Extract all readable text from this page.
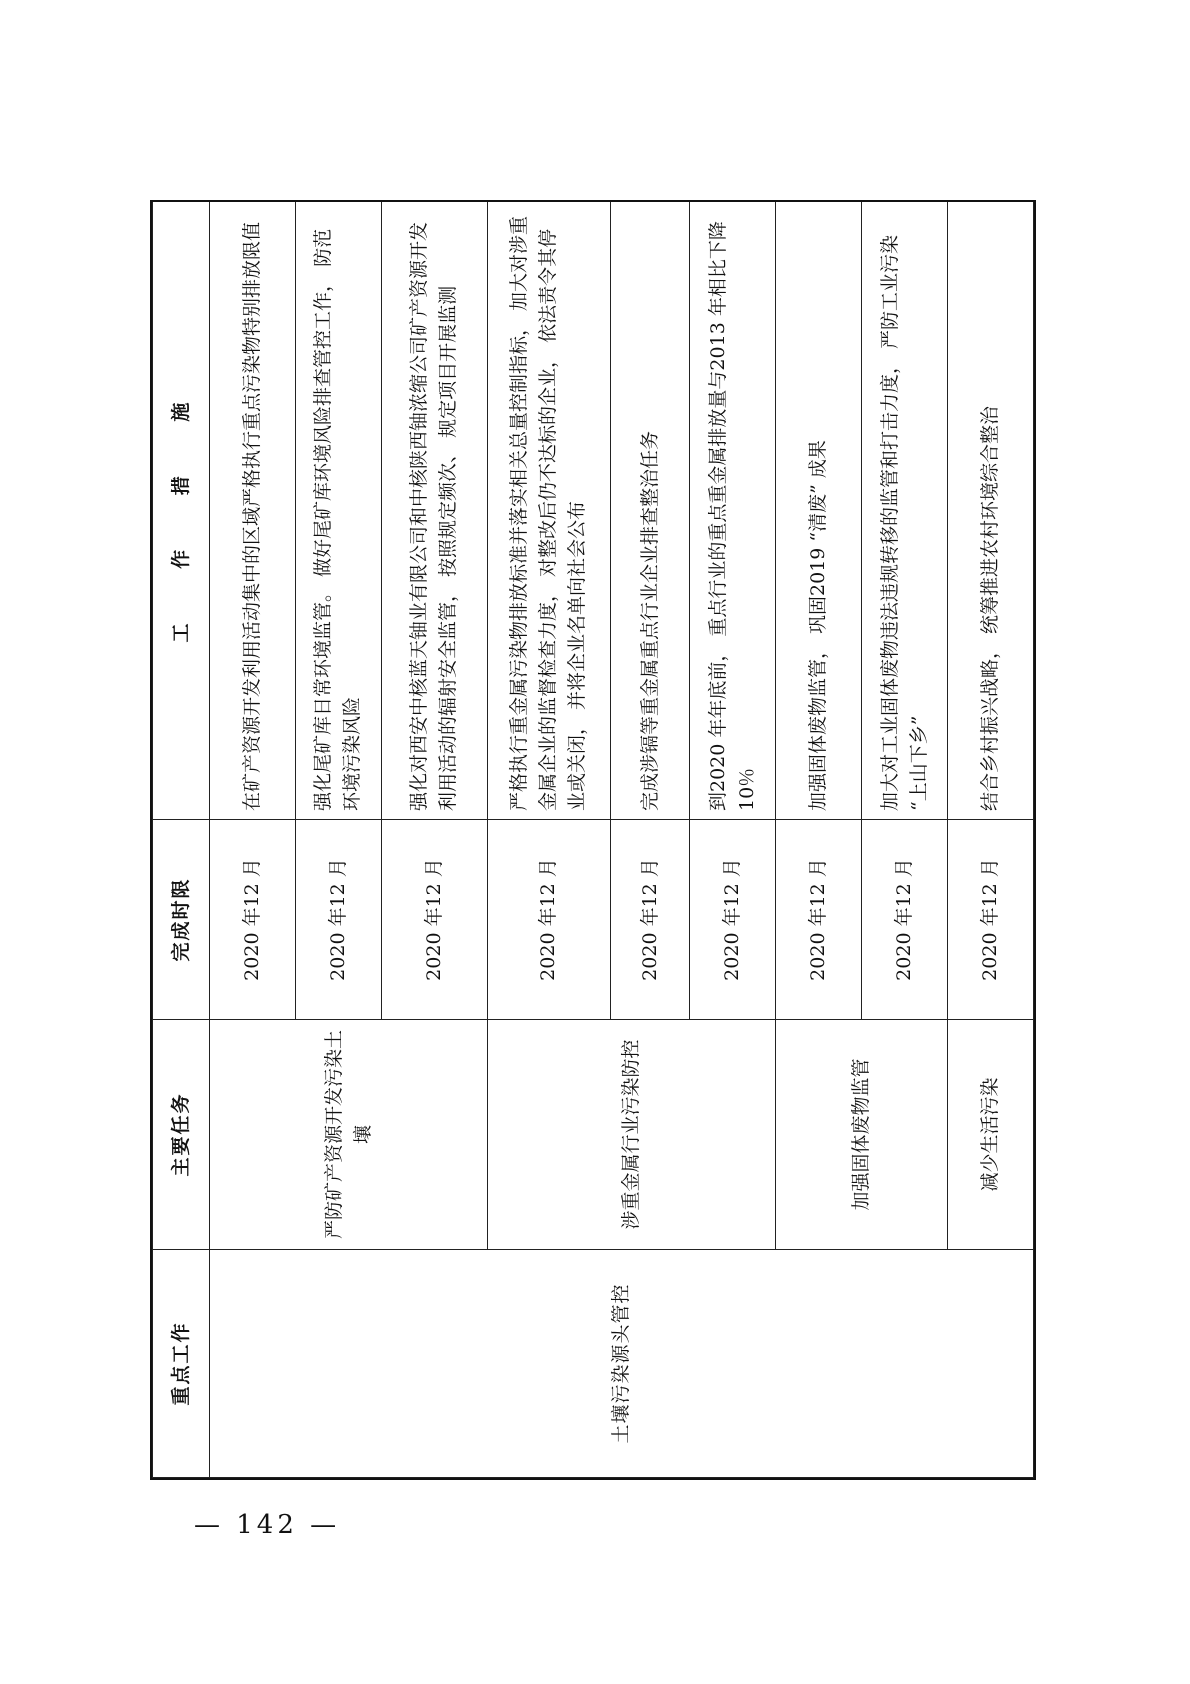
重点工作	主要任务	完成时限	工 作 措 施
土壤污染源头管控	严防矿产资源开发污染土壤	2020 年12 月	在矿产资源开发利用活动集中的区域严格执行重点污染物特别排放限值
		2020 年12 月	强化尾矿库日常环境监管。 做好尾矿库环境风险排查管控工作， 防范环境污染风险
		2020 年12 月	强化对西安中核蓝天铀业有限公司和中核陕西铀浓缩公司矿产资源开发利用活动的辐射安全监管， 按照规定频次、 规定项目开展监测
	涉重金属行业污染防控	2020 年12 月	严格执行重金属污染物排放标准并落实相关总量控制指标， 加大对涉重金属企业的监督检查力度， 对整改后仍不达标的企业， 依法责令其停业或关闭， 并将企业名单向社会公布
		2020 年12 月	完成涉镉等重金属重点行业企业排查整治任务
		2020 年12 月	到2020 年年底前， 重点行业的重点重金属排放量与2013 年相比下降10％
	加强固体废物监管	2020 年12 月	加强固体废物监管， 巩固2019 “清废” 成果
		2020 年12 月	加大对工业固体废物违法违规转移的监管和打击力度， 严防工业污染 “上山下乡”
	减少生活污染	2020 年12 月	结合乡村振兴战略， 统筹推进农村环境综合整治
— 142 —
